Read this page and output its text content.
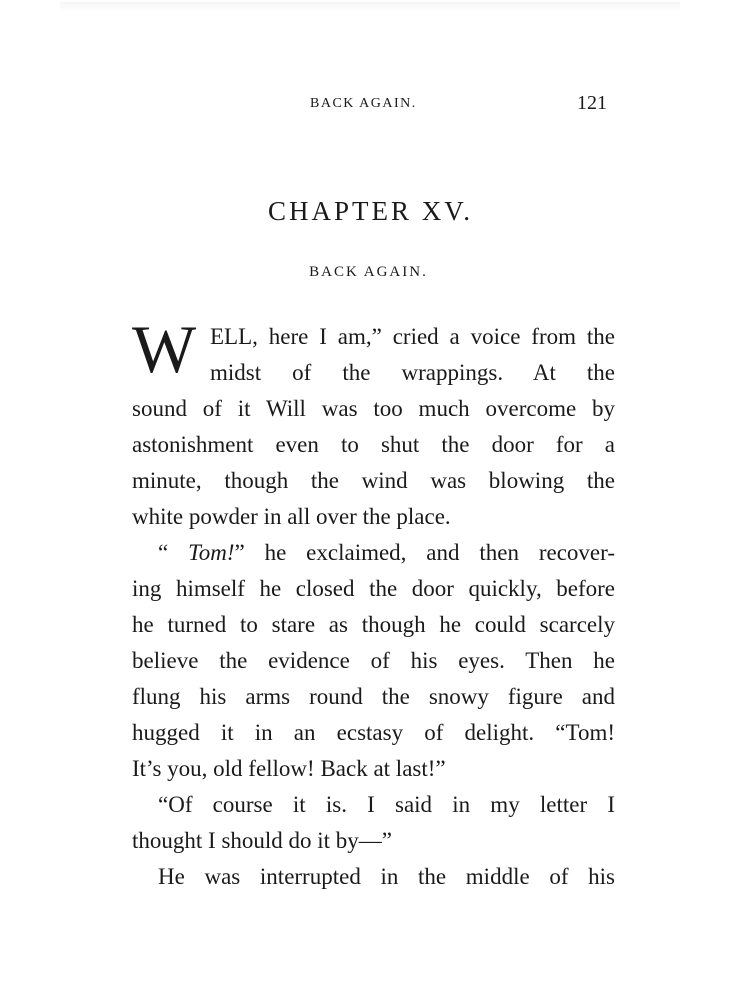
BACK AGAIN.	121
CHAPTER XV.
BACK AGAIN.
W ELL, here I am,” cried a voice from the
midst of the wrappings. At the
sound of it Will was too much overcome by
astonishment even to shut the door for a
minute, though the wind was blowing the
white powder in all over the place.
“ Tom!” he exclaimed, and then recover-
ing himself he closed the door quickly, before
he turned to stare as though he could scarcely
believe the evidence of his eyes. Then he
flung his arms round the snowy figure and
hugged it in an ecstasy of delight. “Tom!
It’s you, old fellow! Back at last!”
“Of course it is. I said in my letter I
thought I should do it by—”
He was interrupted in the middle of his
